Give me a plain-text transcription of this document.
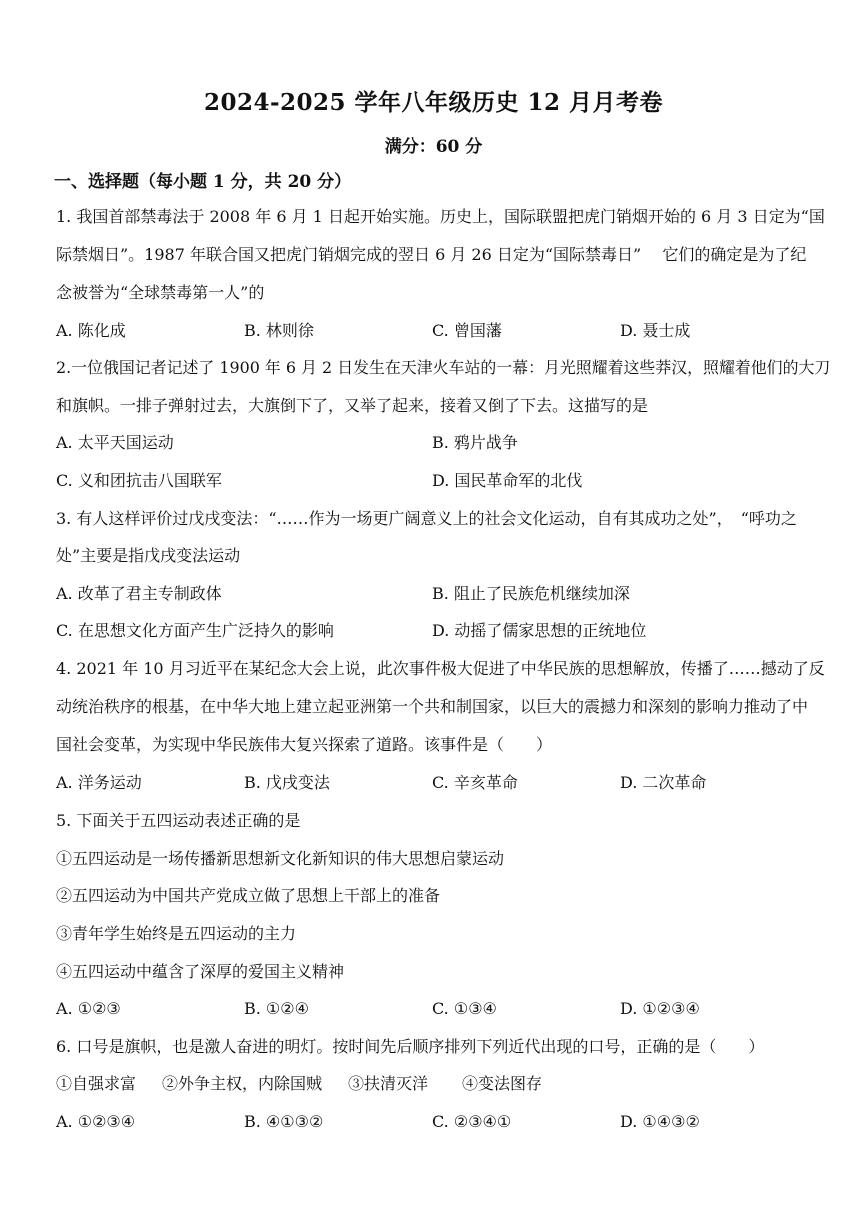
2024-2025 学年八年级历史 12 月月考卷
满分：60 分
一、选择题（每小题 1 分，共 20 分）
1. 我国首部禁毒法于 2008 年 6 月 1 日起开始实施。历史上，国际联盟把虎门销烟开始的 6 月 3 日定为“国
际禁烟日”。1987 年联合国又把虎门销烟完成的翌日 6 月 26 日定为“国际禁毒日”　 它们的确定是为了纪
念被誉为“全球禁毒第一人”的
A. 陈化成	B. 林则徐	C. 曾国藩	D. 聂士成
2.一位俄国记者记述了 1900 年 6 月 2 日发生在天津火车站的一幕：月光照耀着这些莽汉，照耀着他们的大刀
和旗帜。一排子弹射过去，大旗倒下了，又举了起来，接着又倒了下去。这描写的是
A. 太平天国运动	B. 鸦片战争
C. 义和团抗击八国联军	D. 国民革命军的北伐
3. 有人这样评价过戊戌变法：“……作为一场更广阔意义上的社会文化运动，自有其成功之处”，　“呼功之
处”主要是指戊戌变法运动
A. 改革了君主专制政体	B. 阻止了民族危机继续加深
C. 在思想文化方面产生广泛持久的影响	D. 动摇了儒家思想的正统地位
4. 2021 年 10 月习近平在某纪念大会上说，此次事件极大促进了中华民族的思想解放，传播了……撼动了反
动统治秩序的根基，在中华大地上建立起亚洲第一个共和制国家，以巨大的震撼力和深刻的影响力推动了中
国社会变革，为实现中华民族伟大复兴探索了道路。该事件是（　　）
A. 洋务运动	B. 戊戌变法	C. 辛亥革命	D. 二次革命
5. 下面关于五四运动表述正确的是
①五四运动是一场传播新思想新文化新知识的伟大思想启蒙运动
②五四运动为中国共产党成立做了思想上干部上的准备
③青年学生始终是五四运动的主力
④五四运动中蕴含了深厚的爱国主义精神
A. ①②③	B. ①②④	C. ①③④	D. ①②③④
6. 口号是旗帜，也是激人奋进的明灯。按时间先后顺序排列下列近代出现的口号，正确的是（　　）
①自强求富 ②外争主权，内除国贼 ③扶清灭洋 ④变法图存
A. ①②③④	B. ④①③②	C. ②③④①	D. ①④③②
